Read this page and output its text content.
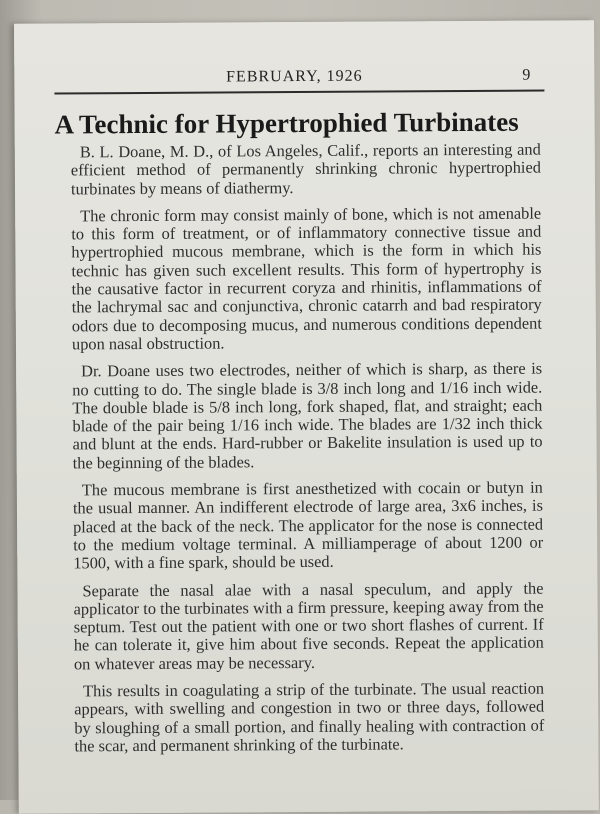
FEBRUARY, 1926	9
A Technic for Hypertrophied Turbinates

B. L. Doane, M. D., of Los Angeles, Calif., reports an interesting and efficient method of permanently shrinking chronic hypertrophied turbinates by means of diathermy.

The chronic form may consist mainly of bone, which is not amenable to this form of treatment, or of inflammatory connective tissue and hypertrophied mucous membrane, which is the form in which his technic has given such excellent results. This form of hypertrophy is the causative factor in recurrent coryza and rhinitis, inflammations of the lachrymal sac and conjunctiva, chronic catarrh and bad respiratory odors due to decomposing mucus, and numerous conditions dependent upon nasal obstruction.

Dr. Doane uses two electrodes, neither of which is sharp, as there is no cutting to do. The single blade is 3/8 inch long and 1/16 inch wide. The double blade is 5/8 inch long, fork shaped, flat, and straight; each blade of the pair being 1/16 inch wide. The blades are 1/32 inch thick and blunt at the ends. Hard-rubber or Bakelite insulation is used up to the beginning of the blades.

The mucous membrane is first anesthetized with cocain or butyn in the usual manner. An indifferent electrode of large area, 3x6 inches, is placed at the back of the neck. The applicator for the nose is connected to the medium voltage terminal. A milliamperage of about 1200 or 1500, with a fine spark, should be used.

Separate the nasal alae with a nasal speculum, and apply the applicator to the turbinates with a firm pressure, keeping away from the septum. Test out the patient with one or two short flashes of current. If he can tolerate it, give him about five seconds. Repeat the application on whatever areas may be necessary.

This results in coagulating a strip of the turbinate. The usual reaction appears, with swelling and congestion in two or three days, followed by sloughing of a small portion, and finally healing with contraction of the scar, and permanent shrinking of the turbinate.
